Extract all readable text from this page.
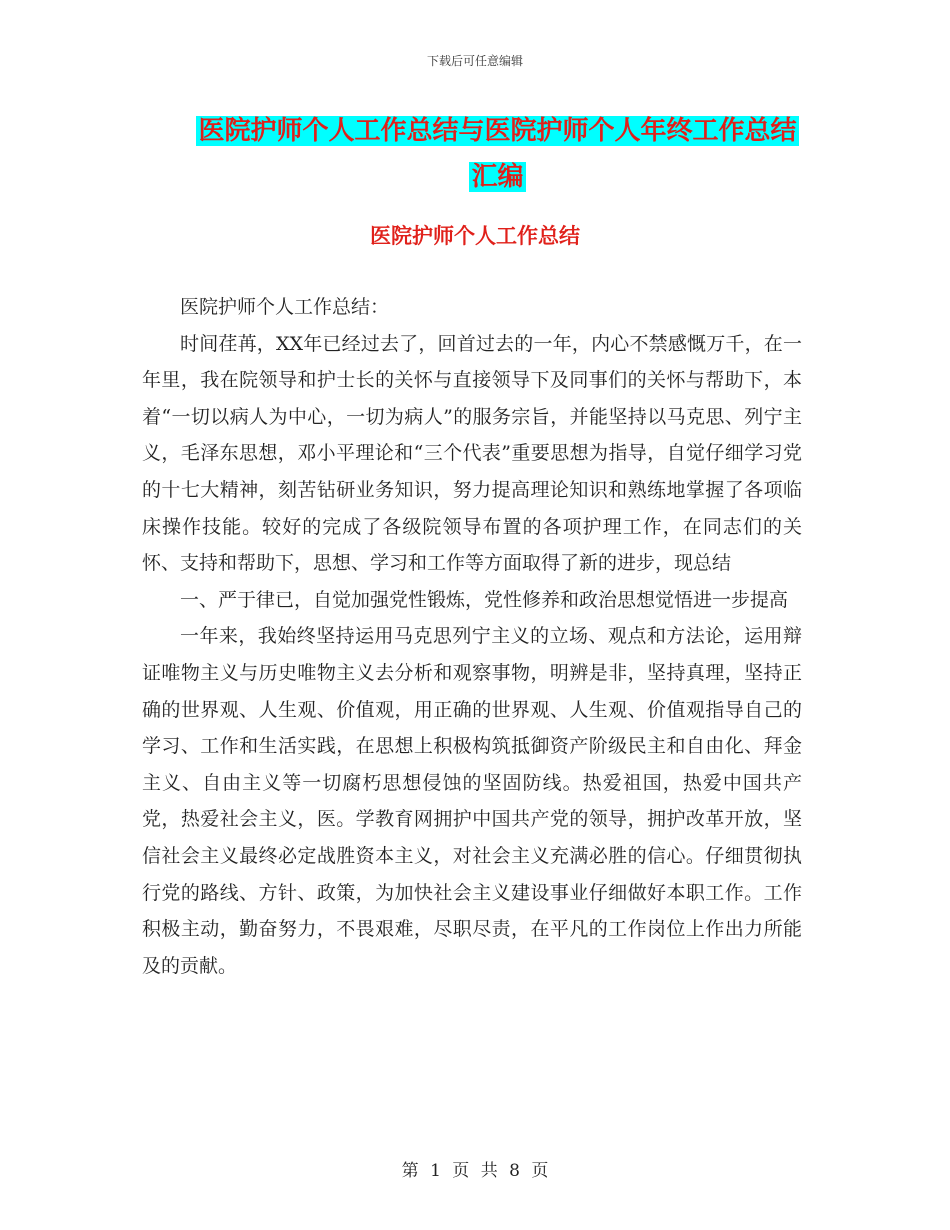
下载后可任意编辑
医院护师个人工作总结与医院护师个人年终工作总结
汇编
医院护师个人工作总结

医院护师个人工作总结：

时间荏苒，XX年已经过去了，回首过去的一年，内心不禁感慨万千，在一年里，我在院领导和护士长的关怀与直接领导下及同事们的关怀与帮助下，本着“一切以病人为中心，一切为病人”的服务宗旨，并能坚持以马克思、列宁主义，毛泽东思想，邓小平理论和“三个代表”重要思想为指导，自觉仔细学习党的十七大精神，刻苦钻研业务知识，努力提高理论知识和熟练地掌握了各项临床操作技能。较好的完成了各级院领导布置的各项护理工作，在同志们的关怀、支持和帮助下，思想、学习和工作等方面取得了新的进步，现总结

一、严于律已，自觉加强党性锻炼，党性修养和政治思想觉悟进一步提高

一年来，我始终坚持运用马克思列宁主义的立场、观点和方法论，运用辩证唯物主义与历史唯物主义去分析和观察事物，明辨是非，坚持真理，坚持正确的世界观、人生观、价值观，用正确的世界观、人生观、价值观指导自己的学习、工作和生活实践，在思想上积极构筑抵御资产阶级民主和自由化、拜金主义、自由主义等一切腐朽思想侵蚀的坚固防线。热爱祖国，热爱中国共产党，热爱社会主义，医。学教育网拥护中国共产党的领导，拥护改革开放，坚信社会主义最终必定战胜资本主义，对社会主义充满必胜的信心。仔细贯彻执行党的路线、方针、政策，为加快社会主义建设事业仔细做好本职工作。工作积极主动，勤奋努力，不畏艰难，尽职尽责，在平凡的工作岗位上作出力所能及的贡献。

第 1 页 共 8 页
